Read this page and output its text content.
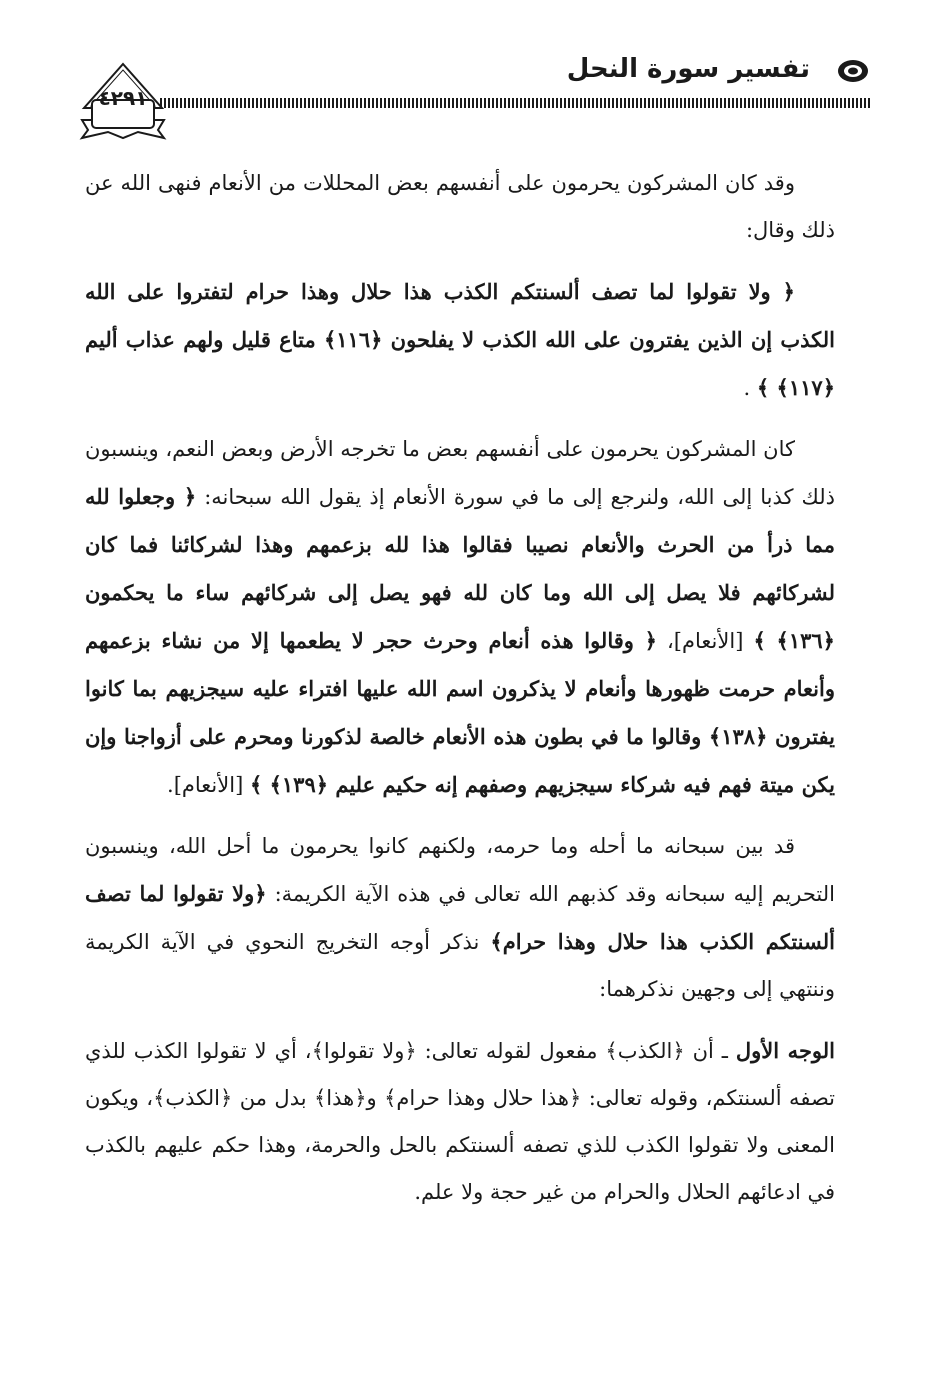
تفسير سورة النحل
٤٢٩١

وقد كان المشركون يحرمون على أنفسهم بعض المحللات من الأنعام فنهى الله عن ذلك وقال:

﴿ ولا تقولوا لما تصف ألسنتكم الكذب هذا حلال وهذا حرام لتفتروا على الله الكذب إن الذين يفترون على الله الكذب لا يفلحون ﴿١١٦﴾ متاع قليل ولهم عذاب أليم ﴿١١٧﴾ ﴾ .

كان المشركون يحرمون على أنفسهم بعض ما تخرجه الأرض وبعض النعم، وينسبون ذلك كذبا إلى الله، ولنرجع إلى ما في سورة الأنعام إذ يقول الله سبحانه: ﴿ وجعلوا لله مما ذرأ من الحرث والأنعام نصيبا فقالوا هذا لله بزعمهم وهذا لشركائنا فما كان لشركائهم فلا يصل إلى الله وما كان لله فهو يصل إلى شركائهم ساء ما يحكمون ﴿١٣٦﴾ ﴾ [الأنعام]، ﴿ وقالوا هذه أنعام وحرث حجر لا يطعمها إلا من نشاء بزعمهم وأنعام حرمت ظهورها وأنعام لا يذكرون اسم الله عليها افتراء عليه سيجزيهم بما كانوا يفترون ﴿١٣٨﴾ وقالوا ما في بطون هذه الأنعام خالصة لذكورنا ومحرم على أزواجنا وإن يكن ميتة فهم فيه شركاء سيجزيهم وصفهم إنه حكيم عليم ﴿١٣٩﴾ ﴾ [الأنعام].

قد بين سبحانه ما أحله وما حرمه، ولكنهم كانوا يحرمون ما أحل الله، وينسبون التحريم إليه سبحانه وقد كذبهم الله تعالى في هذه الآية الكريمة: ﴿ولا تقولوا لما تصف ألسنتكم الكذب هذا حلال وهذا حرام﴾ نذكر أوجه التخريج النحوي في الآية الكريمة وننتهي إلى وجهين نذكرهما:

الوجه الأول ـ أن ﴿الكذب﴾ مفعول لقوله تعالى: ﴿ولا تقولوا﴾، أي لا تقولوا الكذب للذي تصفه ألسنتكم، وقوله تعالى: ﴿هذا حلال وهذا حرام﴾ و﴿هذا﴾ بدل من ﴿الكذب﴾، ويكون المعنى ولا تقولوا الكذب للذي تصفه ألسنتكم بالحل والحرمة، وهذا حكم عليهم بالكذب في ادعائهم الحلال والحرام من غير حجة ولا علم.
